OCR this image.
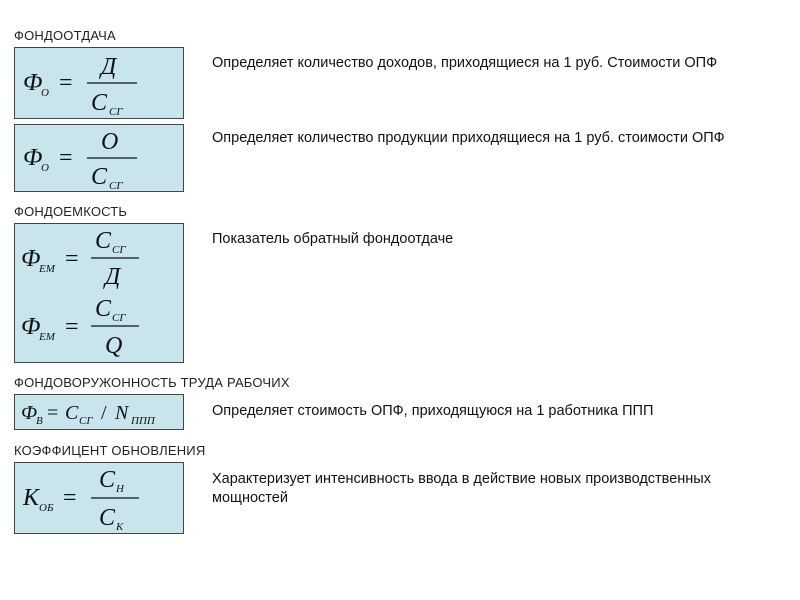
ФОНДООТДАЧА
Ф
О =
Д
С СГ
Определяет количество доходов, приходящиеся на 1 руб. Стоимости ОПФ
Ф
О =
О
С СГ
Определяет количество продукции приходящиеся на 1 руб. стоимости ОПФ
ФОНДОЕМКОСТЬ
Ф
ЕМ =
С СГ
Д
Ф
ЕМ =
С СГ
Q
Показатель обратный фондоотдаче
ФОНДОВОРУЖОННОСТЬ ТРУДА РАБОЧИХ
Ф
В = С СГ / N ППП
Определяет стоимость ОПФ, приходящуюся на 1 работника ППП
КОЭФФИЦЕНТ ОБНОВЛЕНИЯ
К ОБ =
С Н
С К
Характеризует интенсивность ввода в действие новых производственных мощностей
